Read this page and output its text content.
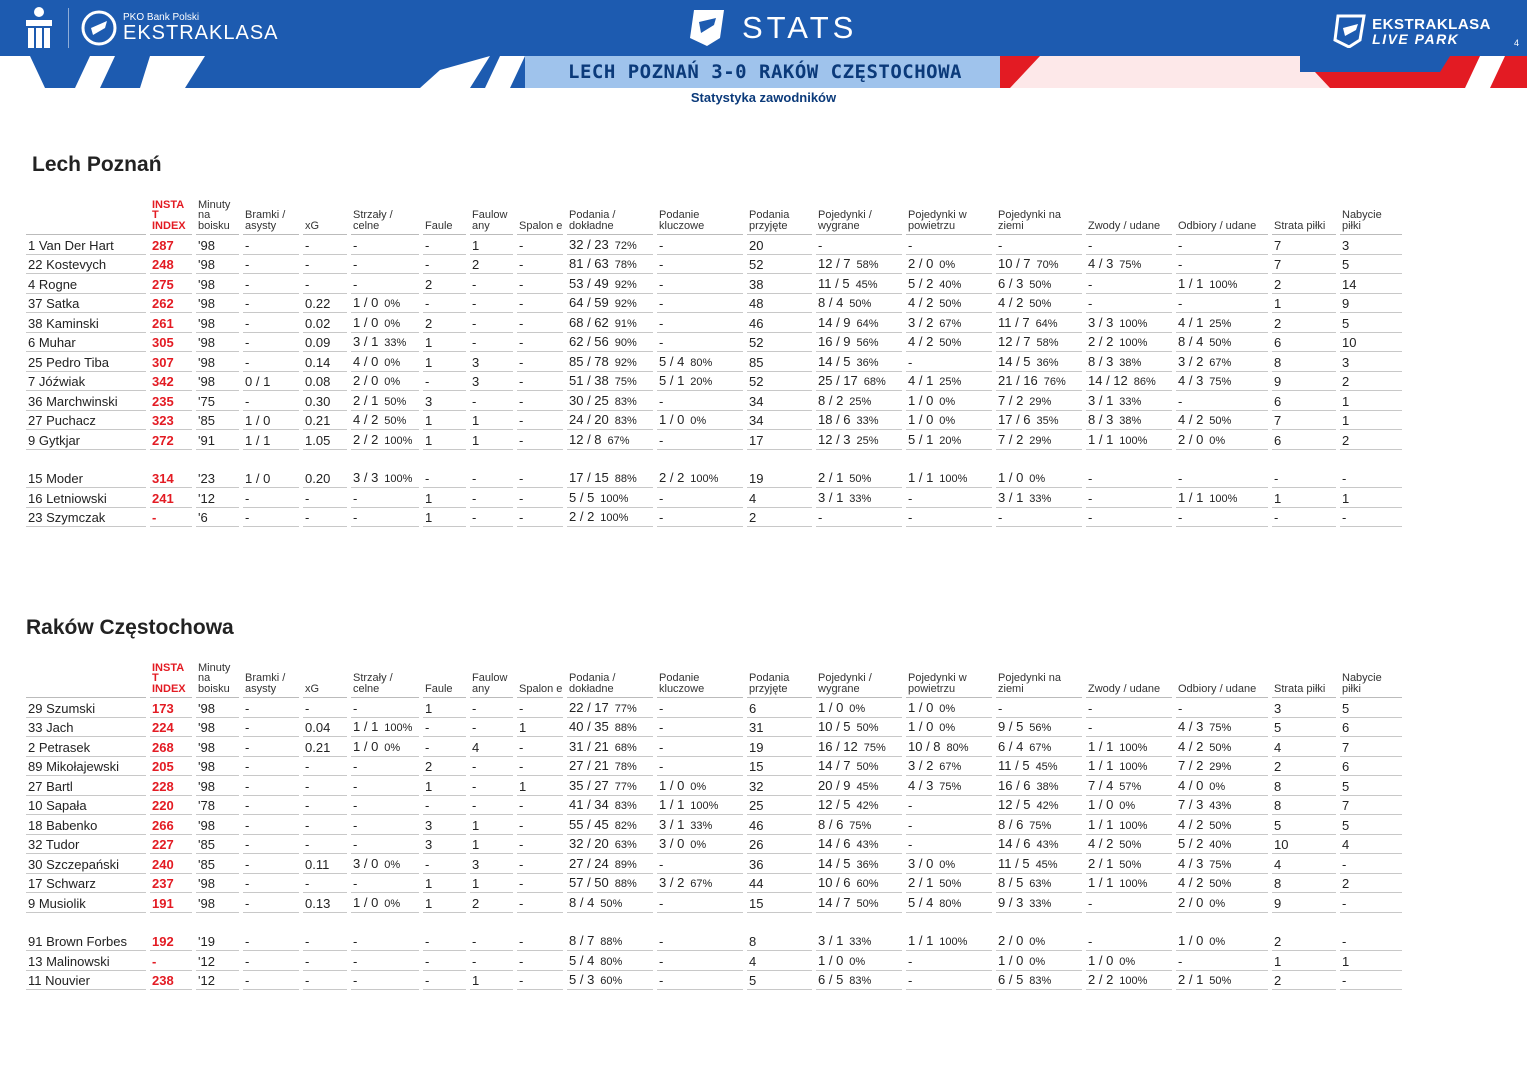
PKO Bank Polski
EKSTRAKLASA	STATS	EKSTRAKLASA
LIVE PARK	4
LECH POZNAŃ 3-0 RAKÓW CZĘSTOCHOWA
Statystyka zawodników
Lech Poznań
		INSTA T INDEX		Minuty na boisku		Bramki / asysty		xG		Strzały / celne		Faule		Faulow any		Spalon e		Podania / dokładne		Podanie kluczowe		Podania przyjęte		Pojedynki / wygrane		Pojedynki w powietrzu		Pojedynki na ziemi		Zwody / udane		Odbiory / udane		Strata piłki		Nabycie piłki
1 Van Der Hart		287		'98		-		-		-		-		1		-		32 / 23 72%		-		20		-		-		-		-		-		7		3
22 Kostevych		248		'98		-		-		-		-		2		-		81 / 63 78%		-		52		12 / 7 58%		2 / 0 0%		10 / 7 70%		4 / 3 75%		-		7		5
4 Rogne		275		'98		-		-		-		2		-		-		53 / 49 92%		-		38		11 / 5 45%		5 / 2 40%		6 / 3 50%		-		1 / 1 100%		2		14
37 Satka		262		'98		-		0.22		1 / 0 0%		-		-		-		64 / 59 92%		-		48		8 / 4 50%		4 / 2 50%		4 / 2 50%		-		-		1		9
38 Kaminski		261		'98		-		0.02		1 / 0 0%		2		-		-		68 / 62 91%		-		46		14 / 9 64%		3 / 2 67%		11 / 7 64%		3 / 3 100%		4 / 1 25%		2		5
6 Muhar		305		'98		-		0.09		3 / 1 33%		1		-		-		62 / 56 90%		-		52		16 / 9 56%		4 / 2 50%		12 / 7 58%		2 / 2 100%		8 / 4 50%		6		10
25 Pedro Tiba		307		'98		-		0.14		4 / 0 0%		1		3		-		85 / 78 92%		5 / 4 80%		85		14 / 5 36%		-		14 / 5 36%		8 / 3 38%		3 / 2 67%		8		3
7 Jóźwiak		342		'98		0 / 1		0.08		2 / 0 0%		-		3		-		51 / 38 75%		5 / 1 20%		52		25 / 17 68%		4 / 1 25%		21 / 16 76%		14 / 12 86%		4 / 3 75%		9		2
36 Marchwinski		235		'75		-		0.30		2 / 1 50%		3		-		-		30 / 25 83%		-		34		8 / 2 25%		1 / 0 0%		7 / 2 29%		3 / 1 33%		-		6		1
27 Puchacz		323		'85		1 / 0		0.21		4 / 2 50%		1		1		-		24 / 20 83%		1 / 0 0%		34		18 / 6 33%		1 / 0 0%		17 / 6 35%		8 / 3 38%		4 / 2 50%		7		1
9 Gytkjar		272		'91		1 / 1		1.05		2 / 2 100%		1		1		-		12 / 8 67%		-		17		12 / 3 25%		5 / 1 20%		7 / 2 29%		1 / 1 100%		2 / 0 0%		6		2

15 Moder		314		'23		1 / 0		0.20		3 / 3 100%		-		-		-		17 / 15 88%		2 / 2 100%		19		2 / 1 50%		1 / 1 100%		1 / 0 0%		-		-		-		-
16 Letniowski		241		'12		-		-		-		1		-		-		5 / 5 100%		-		4		3 / 1 33%		-		3 / 1 33%		-		1 / 1 100%		1		1
23 Szymczak		-		'6		-		-		-		1		-		-		2 / 2 100%		-		2		-		-		-		-		-		-		-
Raków Częstochowa
		INSTA T INDEX		Minuty na boisku		Bramki / asysty		xG		Strzały / celne		Faule		Faulow any		Spalon e		Podania / dokładne		Podanie kluczowe		Podania przyjęte		Pojedynki / wygrane		Pojedynki w powietrzu		Pojedynki na ziemi		Zwody / udane		Odbiory / udane		Strata piłki		Nabycie piłki
29 Szumski		173		'98		-		-		-		1		-		-		22 / 17 77%		-		6		1 / 0 0%		1 / 0 0%		-		-		-		3		5
33 Jach		224		'98		-		0.04		1 / 1 100%		-		-		1		40 / 35 88%		-		31		10 / 5 50%		1 / 0 0%		9 / 5 56%		-		4 / 3 75%		5		6
2 Petrasek		268		'98		-		0.21		1 / 0 0%		-		4		-		31 / 21 68%		-		19		16 / 12 75%		10 / 8 80%		6 / 4 67%		1 / 1 100%		4 / 2 50%		4		7
89 Mikołajewski		205		'98		-		-		-		2		-		-		27 / 21 78%		-		15		14 / 7 50%		3 / 2 67%		11 / 5 45%		1 / 1 100%		7 / 2 29%		2		6
27 Bartl		228		'98		-		-		-		1		-		1		35 / 27 77%		1 / 0 0%		32		20 / 9 45%		4 / 3 75%		16 / 6 38%		7 / 4 57%		4 / 0 0%		8		5
10 Sapała		220		'78		-		-		-		-		-		-		41 / 34 83%		1 / 1 100%		25		12 / 5 42%		-		12 / 5 42%		1 / 0 0%		7 / 3 43%		8		7
18 Babenko		266		'98		-		-		-		3		1		-		55 / 45 82%		3 / 1 33%		46		8 / 6 75%		-		8 / 6 75%		1 / 1 100%		4 / 2 50%		5		5
32 Tudor		227		'85		-		-		-		3		1		-		32 / 20 63%		3 / 0 0%		26		14 / 6 43%		-		14 / 6 43%		4 / 2 50%		5 / 2 40%		10		4
30 Szczepański		240		'85		-		0.11		3 / 0 0%		-		3		-		27 / 24 89%		-		36		14 / 5 36%		3 / 0 0%		11 / 5 45%		2 / 1 50%		4 / 3 75%		4		-
17 Schwarz		237		'98		-		-		-		1		1		-		57 / 50 88%		3 / 2 67%		44		10 / 6 60%		2 / 1 50%		8 / 5 63%		1 / 1 100%		4 / 2 50%		8		2
9 Musiolik		191		'98		-		0.13		1 / 0 0%		1		2		-		8 / 4 50%		-		15		14 / 7 50%		5 / 4 80%		9 / 3 33%		-		2 / 0 0%		9		-

91 Brown Forbes		192		'19		-		-		-		-		-		-		8 / 7 88%		-		8		3 / 1 33%		1 / 1 100%		2 / 0 0%		-		1 / 0 0%		2		-
13 Malinowski		-		'12		-		-		-		-		-		-		5 / 4 80%		-		4		1 / 0 0%		-		1 / 0 0%		1 / 0 0%		-		1		1
11 Nouvier		238		'12		-		-		-		-		1		-		5 / 3 60%		-		5		6 / 5 83%		-		6 / 5 83%		2 / 2 100%		2 / 1 50%		2		-
